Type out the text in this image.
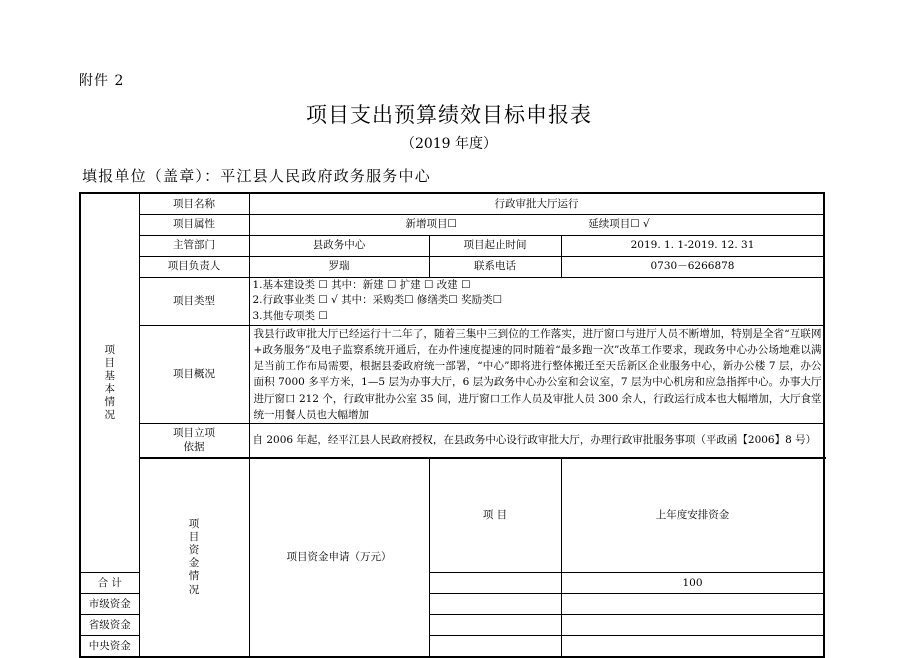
附件 2
项目支出预算绩效目标申报表
（2019 年度）
填报单位（盖章）：平江县人民政府政务服务中心
项目基本情况	项目名称	行政审批大厅运行			
	项目属性	新增项目☐ 延续项目☐ √			
	主管部门	县政务中心	项目起止时间	2019. 1. 1-2019. 12. 31	
	项目负责人	罗瑞	联系电话	0730－6266878	
	项目类型	1.基本建设类 ☐ 其中：新建 ☐ 扩建 ☐ 改建 ☐
2.行政事业类 ☐ √ 其中：采购类☐ 修缮类☐ 奖励类☐
3.其他专项类 ☐			

	项目概况	我县行政审批大厅已经运行十二年了，随着三集中三到位的工作落实，进厅窗口与进厅人员不断增加，特别是全省“互联网+政务服务”及电子监察系统开通后，在办件速度提速的同时随着“最多跑一次”改革工作要求，现政务中心办公场地难以满足当前工作布局需要，根据县委政府统一部署，“中心”即将进行整体搬迁至天岳新区企业服务中心，新办公楼 7 层，办公面积 7000 多平方米，1—5 层为办事大厅，6 层为政务中心办公室和会议室，7 层为中心机房和应急指挥中心。办事大厅进厅窗口 212 个，行政审批办公室 35 间，进厅窗口工作人员及审批人员 300 余人，行政运行成本也大幅增加，大厅食堂统一用餐人员也大幅增加			

	项目立项
依据	自 2006 年起，经平江县人民政府授权，在县政务中心设行政审批大厅，办理行政审批服务事项（平政函【2006】8 号）			
	项目资金情况	项目资金申请（万元）	项 目	上年度安排资金	
合 计				100	
市级资金					
省级资金					
中央资金					
